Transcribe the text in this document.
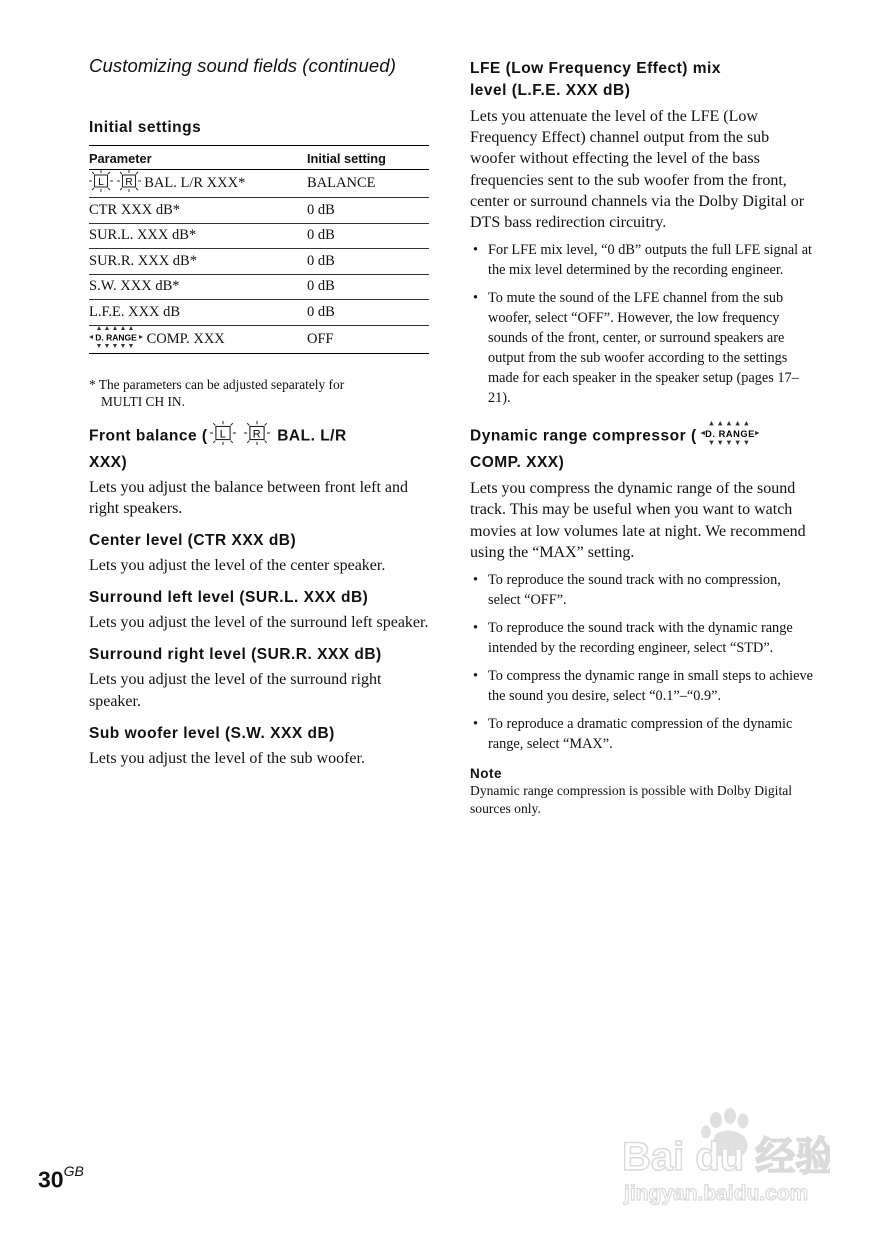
Customizing sound fields (continued)

Initial settings

Parameter	Initial setting

L
R BAL. L/R XXX*	BALANCE
CTR XXX dB*	0 dB
SUR.L. XXX dB*	0 dB
SUR.R. XXX dB*	0 dB
S.W. XXX dB*	0 dB
L.F.E. XXX dB	0 dB

D. RANGE COMP. XXX	OFF

* The parameters can be adjusted separately for

MULTI CH IN.

Front balance ( L
	R BAL. L/R
XXX)

Lets you adjust the balance between front left and right speakers.

Center level (CTR XXX dB)

Lets you adjust the level of the center speaker.

Surround left level (SUR.L. XXX dB)

Lets you adjust the level of the surround left speaker.

Surround right level (SUR.R. XXX dB)

Lets you adjust the level of the surround right speaker.

Sub woofer level (S.W. XXX dB)

Lets you adjust the level of the sub woofer.

LFE (Low Frequency Effect) mix

level (L.F.E. XXX dB)

Lets you attenuate the level of the LFE (Low Frequency Effect) channel output from the sub woofer without effecting the level of the bass frequencies sent to the sub woofer from the front, center or surround channels via the Dolby Digital or DTS bass redirection circuitry.

• For LFE mix level, “0 dB” outputs the full LFE signal at the mix level determined by the recording engineer.
• To mute the sound of the LFE channel from the sub woofer, select “OFF”. However, the low frequency sounds of the front, center, or surround speakers are output from the sub woofer according to the settings made for each speaker in the speaker setup (pages 17–21).

Dynamic range compressor ( D. RANGE

COMP. XXX)

Lets you compress the dynamic range of the sound track. This may be useful when you want to watch movies at low volumes late at night. We recommend using the “MAX” setting.

• To reproduce the sound track with no compression, select “OFF”.
• To reproduce the sound track with the dynamic range intended by the recording engineer, select “STD”.
• To compress the dynamic range in small steps to achieve the sound you desire, select “0.1”–“0.9”.
• To reproduce a dramatic compression of the dynamic range, select “MAX”.

Note

Dynamic range compression is possible with Dolby Digital sources only.

$30^{GB}$	Bai du 经验
jingyan.baidu.com
